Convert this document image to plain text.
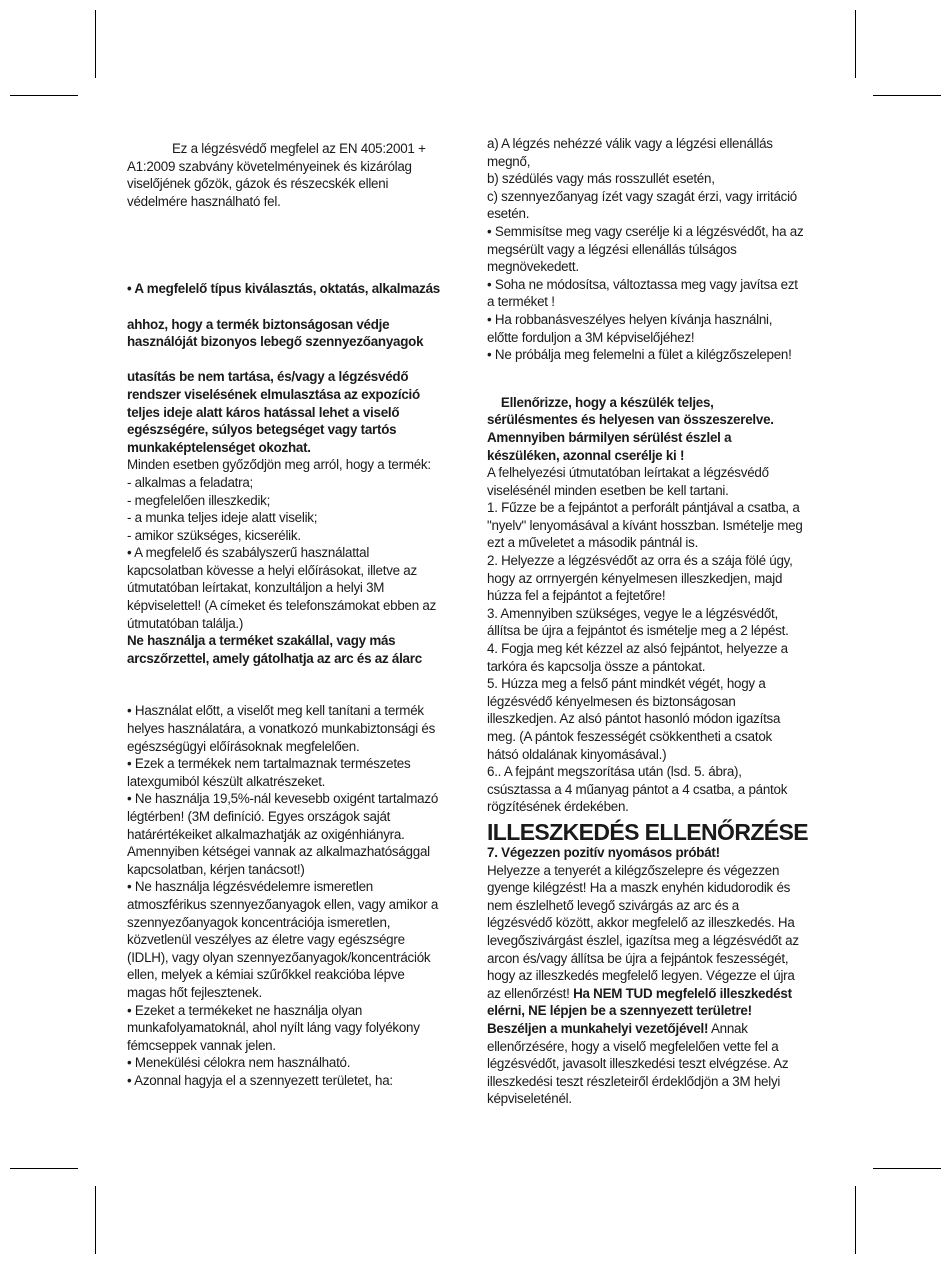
Ez a légzésvédő megfelel az EN 405:2001 +
A1:2009 szabvány követelményeinek és kizárólag
viselőjének gőzök, gázok és részecskék elleni
védelmére használható fel.
• A megfelelő típus kiválasztás, oktatás, alkalmazás
ahhoz, hogy a termék biztonságosan védje
használóját bizonyos lebegő szennyezőanyagok
utasítás be nem tartása, és/vagy a légzésvédő
rendszer viselésének elmulasztása az expozíció
teljes ideje alatt káros hatással lehet a viselő
egészségére, súlyos betegséget vagy tartós
munkaképtelenséget okozhat.
Minden esetben győződjön meg arról, hogy a termék:
- alkalmas a feladatra;
- megfelelően illeszkedik;
- a munka teljes ideje alatt viselik;
- amikor szükséges, kicserélik.
• A megfelelő és szabályszerű használattal
kapcsolatban kövesse a helyi előírásokat, illetve az
útmutatóban leírtakat, konzultáljon a helyi 3M
képviselettel! (A címeket és telefonszámokat ebben az
útmutatóban találja.)
Ne használja a terméket szakállal, vagy más
arcszőrzettel, amely gátolhatja az arc és az álarc
• Használat előtt, a viselőt meg kell tanítani a termék
helyes használatára, a vonatkozó munkabiztonsági és
egészségügyi előírásoknak megfelelően.
• Ezek a termékek nem tartalmaznak természetes
latexgumiból készült alkatrészeket.
• Ne használja 19,5%-nál kevesebb oxigént tartalmazó
légtérben! (3M definíció. Egyes országok saját
határértékeiket alkalmazhatják az oxigénhiányra.
Amennyiben kétségei vannak az alkalmazhatósággal
kapcsolatban, kérjen tanácsot!)
• Ne használja légzésvédelemre ismeretlen
atmoszférikus szennyezőanyagok ellen, vagy amikor a
szennyezőanyagok koncentrációja ismeretlen,
közvetlenül veszélyes az életre vagy egészségre
(IDLH), vagy olyan szennyezőanyagok/koncentrációk
ellen, melyek a kémiai szűrőkkel reakcióba lépve
magas hőt fejlesztenek.
• Ezeket a termékeket ne használja olyan
munkafolyamatoknál, ahol nyílt láng vagy folyékony
fémcseppek vannak jelen.
• Menekülési célokra nem használható.
• Azonnal hagyja el a szennyezett területet, ha:
a) A légzés nehézzé válik vagy a légzési ellenállás
megnő,
b) szédülés vagy más rosszullét esetén,
c) szennyezőanyag ízét vagy szagát érzi, vagy irritáció
esetén.
• Semmisítse meg vagy cserélje ki a légzésvédőt, ha az
megsérült vagy a légzési ellenállás túlságos
megnövekedett.
• Soha ne módosítsa, változtassa meg vagy javítsa ezt
a terméket !
• Ha robbanásveszélyes helyen kívánja használni,
előtte forduljon a 3M képviselőjéhez!
• Ne próbálja meg felemelni a fület a kilégzőszelepen!
Ellenőrizze, hogy a készülék teljes,
sérülésmentes és helyesen van összeszerelve.
Amennyiben bármilyen sérülést észlel a
készüléken, azonnal cserélje ki !
A felhelyezési útmutatóban leírtakat a légzésvédő
viselésénél minden esetben be kell tartani.
1. Fűzze be a fejpántot a perforált pántjával a csatba, a
"nyelv" lenyomásával a kívánt hosszban. Ismételje meg
ezt a műveletet a második pántnál is.
2. Helyezze a légzésvédőt az orra és a szája fölé úgy,
hogy az orrnyergén kényelmesen illeszkedjen, majd
húzza fel a fejpántot a fejtetőre!
3. Amennyiben szükséges, vegye le a légzésvédőt,
állítsa be újra a fejpántot és ismételje meg a 2 lépést.
4. Fogja meg két kézzel az alsó fejpántot, helyezze a
tarkóra és kapcsolja össze a pántokat.
5. Húzza meg a felső pánt mindkét végét, hogy a
légzésvédő kényelmesen és biztonságosan
illeszkedjen. Az alsó pántot hasonló módon igazítsa
meg. (A pántok feszességét csökkentheti a csatok
hátsó oldalának kinyomásával.)
6.. A fejpánt megszorítása után (lsd. 5. ábra),
csúsztassa a 4 műanyag pántot a 4 csatba, a pántok
rögzítésének érdekében.
ILLESZKEDÉS ELLENŐRZÉSE
7. Végezzen pozitív nyomásos próbát!
Helyezze a tenyerét a kilégzőszelepre és végezzen
gyenge kilégzést! Ha a maszk enyhén kidudorodik és
nem észlelhető levegő szivárgás az arc és a
légzésvédő között, akkor megfelelő az illeszkedés. Ha
levegőszivárgást észlel, igazítsa meg a légzésvédőt az
arcon és/vagy állítsa be újra a fejpántok feszességét,
hogy az illeszkedés megfelelő legyen. Végezze el újra
az ellenőrzést! Ha NEM TUD megfelelő illeszkedést
elérni, NE lépjen be a szennyezett területre!
Beszéljen a munkahelyi vezetőjével! Annak
ellenőrzésére, hogy a viselő megfelelően vette fel a
légzésvédőt, javasolt illeszkedési teszt elvégzése. Az
illeszkedési teszt részleteiről érdeklődjön a 3M helyi
képviseleténél.
